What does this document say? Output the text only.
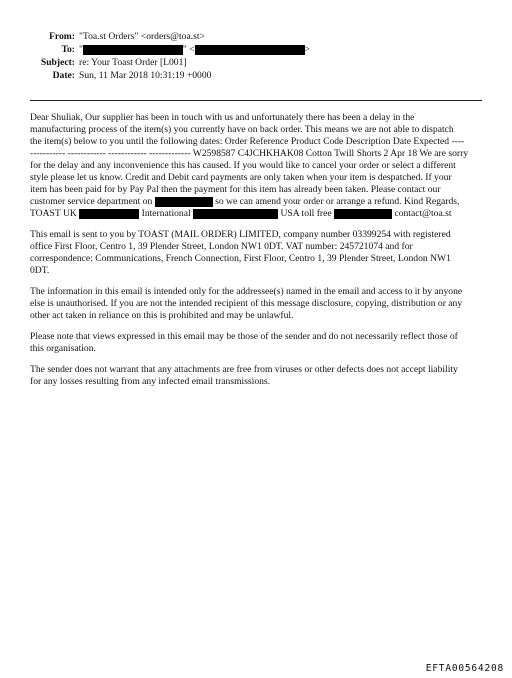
From: "Toa.st Orders" <orders@toa.st>
To: "	" <	>
Subject: re: Your Toast Order [L001]
Date: Sun, 11 Mar 2018 10:31:19 +0000
Dear Shuliak, Our supplier has been in touch with us and unfortunately there has been a delay in the
manufacturing process of the item(s) you currently have on back order. This means we are not able to dispatch
the item(s) below to you until the following dates: Order Reference Product Code Description Date Expected ----
----------- ------------ ------------ ------------- W2598587 C4JCHKHAK08 Cotton Twill Shorts 2 Apr 18 We are sorry
for the delay and any inconvenience this has caused. If you would like to cancel your order or select a different
style please let us know. Credit and Debit card payments are only taken when your item is despatched. If your
item has been paid for by Pay Pal then the payment for this item has already been taken. Please contact our
customer service department on	so we can amend your order or arrange a refund. Kind Regards,
TOAST UK	International	USA toll free	contact@toa.st
This email is sent to you by TOAST (MAIL ORDER) LIMITED, company number 03399254 with registered
office First Floor, Centro 1, 39 Plender Street, London NW1 0DT. VAT number: 245721074 and for
correspondence: Communications, French Connection, First Floor, Centro 1, 39 Plender Street, London NW1
0DT.
The information in this email is intended only for the addressee(s) named in the email and access to it by anyone
else is unauthorised. If you are not the intended recipient of this message disclosure, copying, distribution or any
other act taken in reliance on this is prohibited and may be unlawful.
Please note that views expressed in this email may be those of the sender and do not necessarily reflect those of
this organisation.
The sender does not warrant that any attachments are free from viruses or other defects does not accept liability
for any losses resulting from any infected email transmissions.
EFTA00564208
